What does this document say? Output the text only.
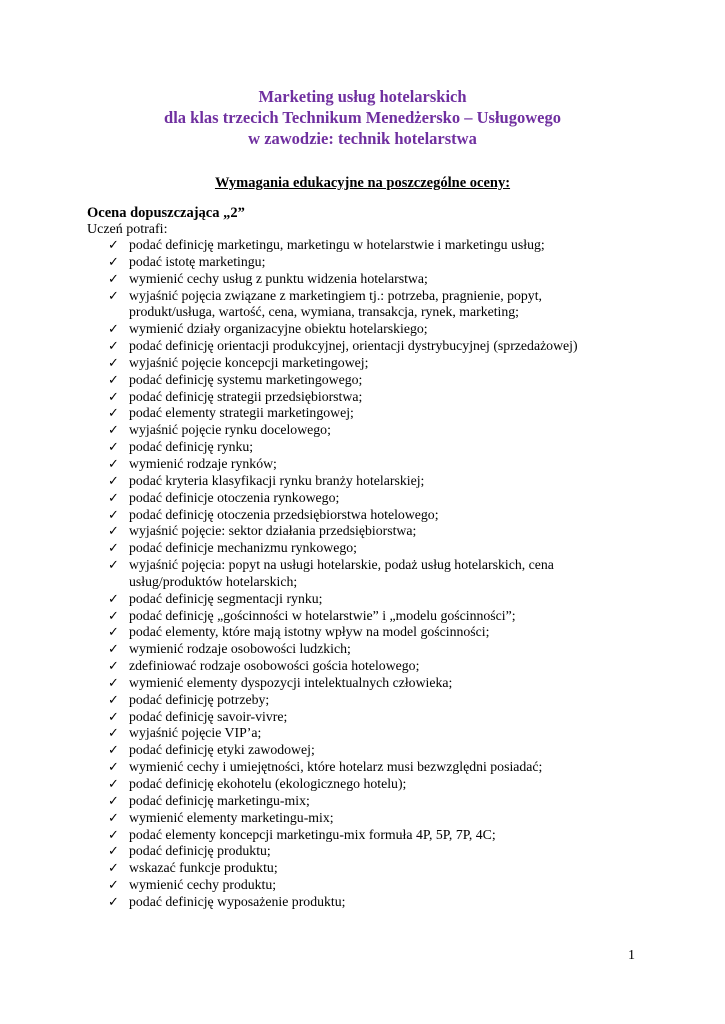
Marketing usług hotelarskich
dla klas trzecich Technikum Menedżersko – Usługowego
w zawodzie: technik hotelarstwa
Wymagania edukacyjne na poszczególne oceny:
Ocena dopuszczająca „2”
Uczeń potrafi:
✓ podać definicję marketingu, marketingu w hotelarstwie i marketingu usług;
✓ podać istotę marketingu;
✓ wymienić cechy usług z punktu widzenia hotelarstwa;
✓ wyjaśnić pojęcia związane z marketingiem tj.: potrzeba, pragnienie, popyt,
produkt/usługa, wartość, cena, wymiana, transakcja, rynek, marketing;
✓ wymienić działy organizacyjne obiektu hotelarskiego;
✓ podać definicję orientacji produkcyjnej, orientacji dystrybucyjnej (sprzedażowej)
✓ wyjaśnić pojęcie koncepcji marketingowej;
✓ podać definicję systemu marketingowego;
✓ podać definicję strategii przedsiębiorstwa;
✓ podać elementy strategii marketingowej;
✓ wyjaśnić pojęcie rynku docelowego;
✓ podać definicję rynku;
✓ wymienić rodzaje rynków;
✓ podać kryteria klasyfikacji rynku branży hotelarskiej;
✓ podać definicje otoczenia rynkowego;
✓ podać definicję otoczenia przedsiębiorstwa hotelowego;
✓ wyjaśnić pojęcie: sektor działania przedsiębiorstwa;
✓ podać definicje mechanizmu rynkowego;
✓ wyjaśnić pojęcia: popyt na usługi hotelarskie, podaż usług hotelarskich, cena
usług/produktów hotelarskich;
✓ podać definicję segmentacji rynku;
✓ podać definicję „gościnności w hotelarstwie” i „modelu gościnności”;
✓ podać elementy, które mają istotny wpływ na model gościnności;
✓ wymienić rodzaje osobowości ludzkich;
✓ zdefiniować rodzaje osobowości gościa hotelowego;
✓ wymienić elementy dyspozycji intelektualnych człowieka;
✓ podać definicję potrzeby;
✓ podać definicję savoir-vivre;
✓ wyjaśnić pojęcie VIP’a;
✓ podać definicję etyki zawodowej;
✓ wymienić cechy i umiejętności, które hotelarz musi bezwzględni posiadać;
✓ podać definicję ekohotelu (ekologicznego hotelu);
✓ podać definicję marketingu-mix;
✓ wymienić elementy marketingu-mix;
✓ podać elementy koncepcji marketingu-mix formuła 4P, 5P, 7P, 4C;
✓ podać definicję produktu;
✓ wskazać funkcje produktu;
✓ wymienić cechy produktu;
✓ podać definicję wyposażenie produktu;
1
